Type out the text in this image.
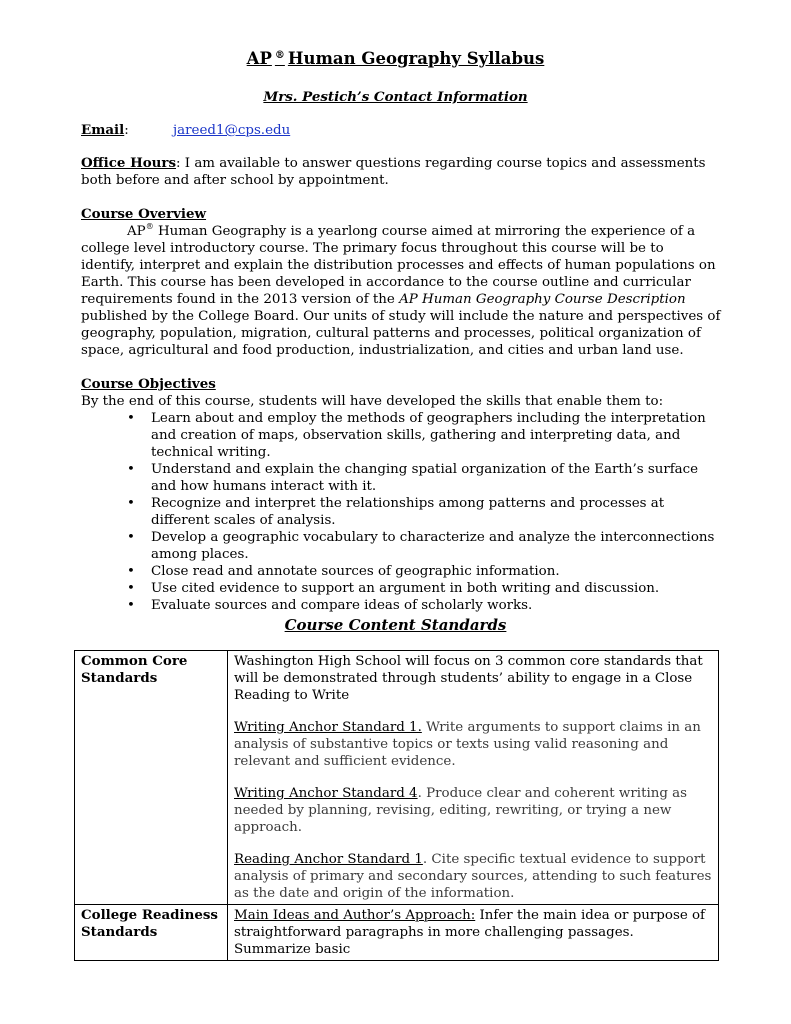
AP ® Human Geography Syllabus
Mrs. Pestich’s Contact Information
Email:	jareed1@cps.edu
Office Hours: I am available to answer questions regarding course topics and assessments both before and after school by appointment.
Course Overview
AP® Human Geography is a yearlong course aimed at mirroring the experience of a college level introductory course. The primary focus throughout this course will be to identify, interpret and explain the distribution processes and effects of human populations on Earth. This course has been developed in accordance to the course outline and curricular requirements found in the 2013 version of the AP Human Geography Course Description published by the College Board. Our units of study will include the nature and perspectives of geography, population, migration, cultural patterns and processes, political organization of space, agricultural and food production, industrialization, and cities and urban land use.
Course Objectives
By the end of this course, students will have developed the skills that enable them to:
• Learn about and employ the methods of geographers including the interpretation and creation of maps, observation skills, gathering and interpreting data, and technical writing.
• Understand and explain the changing spatial organization of the Earth’s surface and how humans interact with it.
• Recognize and interpret the relationships among patterns and processes at different scales of analysis.
• Develop a geographic vocabulary to characterize and analyze the interconnections among places.
• Close read and annotate sources of geographic information.
• Use cited evidence to support an argument in both writing and discussion.
• Evaluate sources and compare ideas of scholarly works.
Course Content Standards
Common Core Standards	Washington High School will focus on 3 common core standards that will be demonstrated through students’ ability to engage in a Close Reading to Write

Writing Anchor Standard 1. Write arguments to support claims in an analysis of substantive topics or texts using valid reasoning and relevant and sufficient evidence.

Writing Anchor Standard 4. Produce clear and coherent writing as needed by planning, revising, editing, rewriting, or trying a new approach.

Reading Anchor Standard 1. Cite specific textual evidence to support analysis of primary and secondary sources, attending to such features as the date and origin of the information.

College Readiness Standards	Main Ideas and Author’s Approach: Infer the main idea or purpose of straightforward paragraphs in more challenging passages. Summarize basic
